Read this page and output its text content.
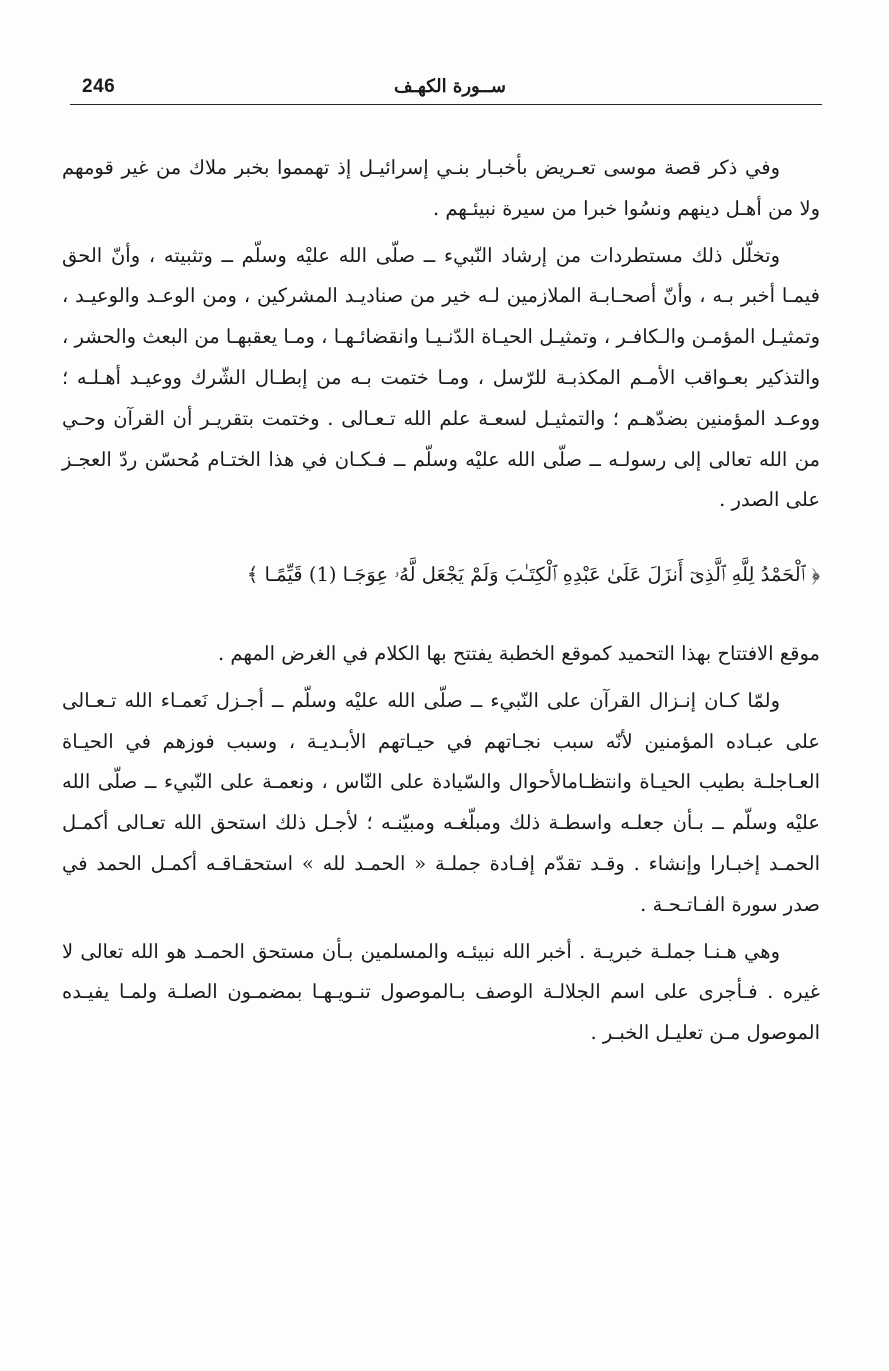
246	ســورة الكهـف

وفي ذكر قصة موسى تعـريض بأخبـار بنـي إسرائيـل إذ تهمموا بخبر ملاك من غير قومهم ولا من أهـل دينهم ونسُوا خبرا من سيرة نبيئـهم .

وتخلّل ذلك مستطردات من إرشاد النّبيء ــ صلّى الله عليْه وسلّم ــ وتثبيته ، وأنّ الحق فيمـا أخبر بـه ، وأنّ أصحـابـة الملازمين لـه خير من صناديـد المشركين ، ومن الوعـد والوعيـد ، وتمثيـل المؤمـن والـكافـر ، وتمثيـل الحيـاة الدّنـيـا وانقضائـهـا ، ومـا يعقبهـا من البعث والحشر ، والتذكير بعـواقب الأمـم المكذبـة للرّسل ، ومـا ختمت بـه من إبطـال الشّرك ووعيـد أهـلـه ؛ ووعـد المؤمنين بضدّهـم ؛ والتمثيـل لسعـة علم الله تـعـالى . وختمت بتقريـر أن القرآن وحـي من الله تعالى إلى رسولـه ــ صلّى الله عليْه وسلّم ــ فـكـان في هذا الختـام مُحسّن ردّ العجـز على الصدر .

﴿ ٱلْحَمْدُ لِلَّهِ ٱلَّذِىٓ أَنزَلَ عَلَىٰ عَبْدِهِ ٱلْكِتَـٰبَ وَلَمْ يَجْعَل لَّهُۥ عِوَجَـا (1) قَيِّمًـا ﴾

موقع الافتتاح بهذا التحميد كموقع الخطبة يفتتح بها الكلام في الغرض المهم .

ولمّا كـان إنـزال القرآن على النّبيء ــ صلّى الله عليْه وسلّم ــ أجـزل نَعمـاء الله تـعـالى على عبـاده المؤمنين لأنّه سبب نجـاتهم في حيـاتهم الأبـديـة ، وسبب فوزهم في الحيـاة العـاجلـة بطيب الحيـاة وانتظـامالأحوال والسّيادة على النّاس ، ونعمـة على النّبيء ــ صلّى الله عليْه وسلّم ــ بـأن جعلـه واسطـة ذلك ومبلّغـه ومبيّنـه ؛ لأجـل ذلك استحق الله تعـالى أكمـل الحمـد إخبـارا وإنشاء . وقـد تقدّم إفـادة جملـة « الحمـد لله » استحقـاقـه أكمـل الحمد في صدر سورة الفـاتـحـة .

وهي هـنـا جملـة خبريـة . أخبر الله نبيئـه والمسلمين بـأن مستحق الحمـد هو الله تعالى لا غيره . فـأجرى على اسم الجلالـة الوصف بـالموصول تنـويـهـا بمضمـون الصلـة ولمـا يفيـده الموصول مـن تعليـل الخبـر .
